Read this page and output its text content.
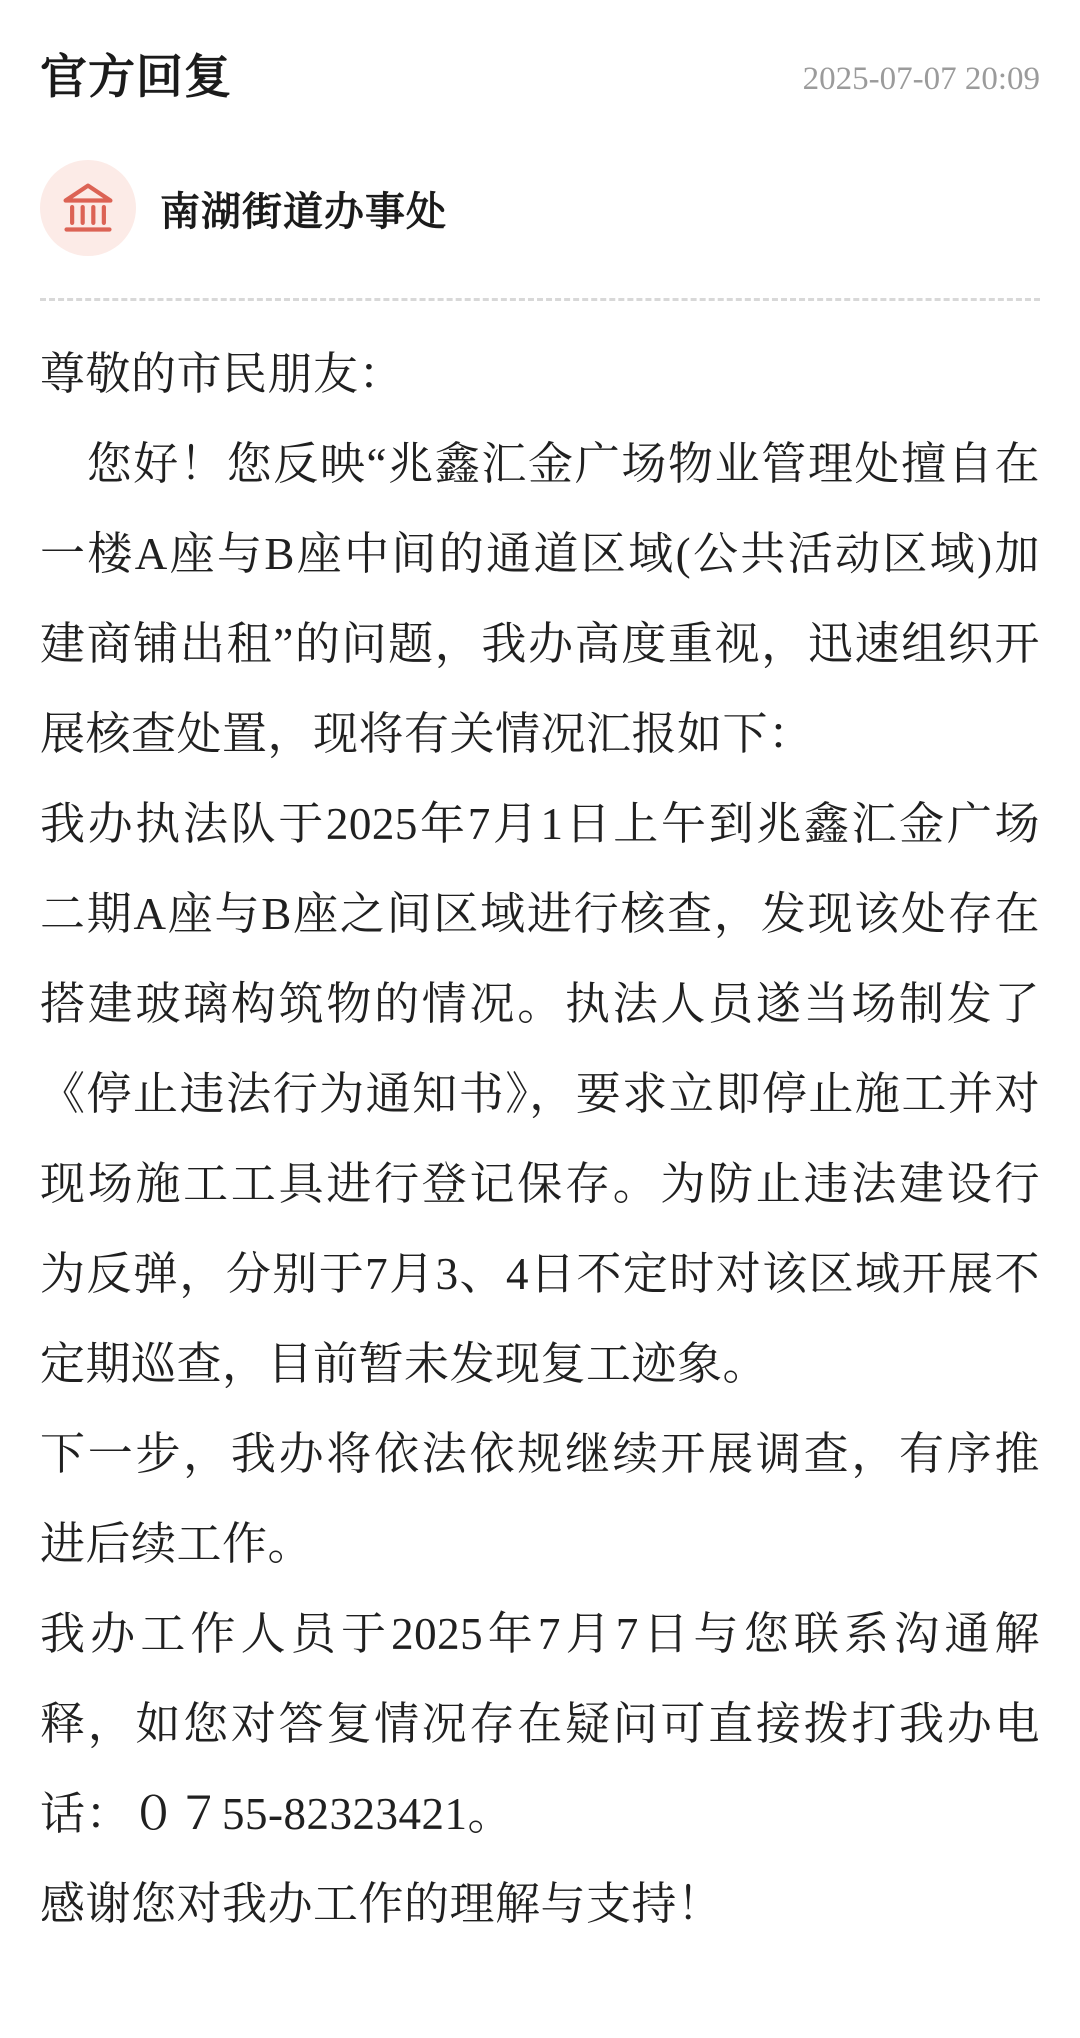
官方回复	2025-07-07 20:09
南湖街道办事处

尊敬的市民朋友：

　您好！您反映“兆鑫汇金广场物业管理处擅自在一楼A座与B座中间的通道区域(公共活动区域)加建商铺出租”的问题，我办高度重视，迅速组织开展核查处置，现将有关情况汇报如下：

我办执法队于2025年7月1日上午到兆鑫汇金广场二期A座与B座之间区域进行核查，发现该处存在搭建玻璃构筑物的情况。执法人员遂当场制发了《停止违法行为通知书》，要求立即停止施工并对现场施工工具进行登记保存。为防止违法建设行为反弹，分别于7月3、4日不定时对该区域开展不定期巡查，目前暂未发现复工迹象。

下一步，我办将依法依规继续开展调查，有序推进后续工作。

我办工作人员于2025年7月7日与您联系沟通解释，如您对答复情况存在疑问可直接拨打我办电话：０７55-82323421。

感谢您对我办工作的理解与支持！
